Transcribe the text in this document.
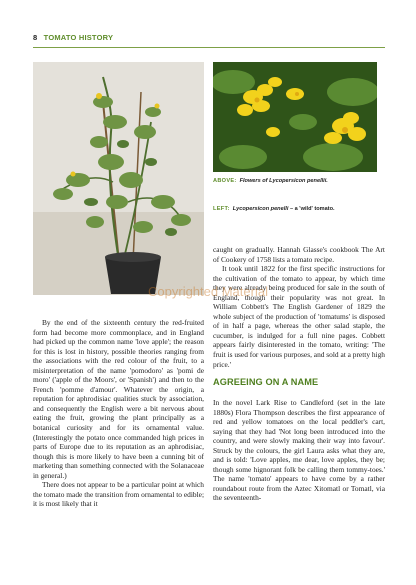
8 TOMATO HISTORY
ABOVE: Flowers of Lycopersicon penellii.
LEFT: Lycopersicon penelli – a 'wild' tomato.

By the end of the sixteenth century the red-fruited form had become more commonplace, and in England had picked up the common name 'love apple'; the reason for this is lost in history, possible theories ranging from the associations with the red colour of the fruit, to a misinterpretation of the name 'pomodoro' as 'pomi de moro' ('apple of the Moors', or 'Spanish') and then to the French 'pomme d'amour'. Whatever the origin, a reputation for aphrodisiac qualities stuck by association, and consequently the English were a bit nervous about eating the fruit, growing the plant principally as a botanical curiosity and for its ornamental value. (Interestingly the potato once commanded high prices in parts of Europe due to its reputation as an aphrodisiac, though this is more likely to have been a cunning bit of marketing than something connected with the Solanaceae in general.)

There does not appear to be a particular point at which the tomato made the transition from ornamental to edible; it is most likely that it

caught on gradually. Hannah Glasse's cookbook The Art of Cookery of 1758 lists a tomato recipe.

It took until 1822 for the first specific instructions for the cultivation of the tomato to appear, by which time they were already being produced for sale in the south of England, though their popularity was not great. In William Cobbett's The English Gardener of 1829 the whole subject of the production of 'tomatums' is disposed of in half a page, whereas the other salad staple, the cucumber, is indulged for a full nine pages. Cobbett appears fairly disinterested in the tomato, writing: 'The fruit is used for various purposes, and sold at a pretty high price.'

AGREEING ON A NAME

In the novel Lark Rise to Candleford (set in the late 1880s) Flora Thompson describes the first appearance of red and yellow tomatoes on the local peddler's cart, saying that they had 'Not long been introduced into the country, and were slowly making their way into favour'. Struck by the colours, the girl Laura asks what they are, and is told: 'Love apples, me dear, love apples, they be; though some hignorant folk be calling them tommy-toes.' The name 'tomato' appears to have come by a rather roundabout route from the Aztec Xitomatl or Tomatl, via the seventeenth-

Copyrighted Material
